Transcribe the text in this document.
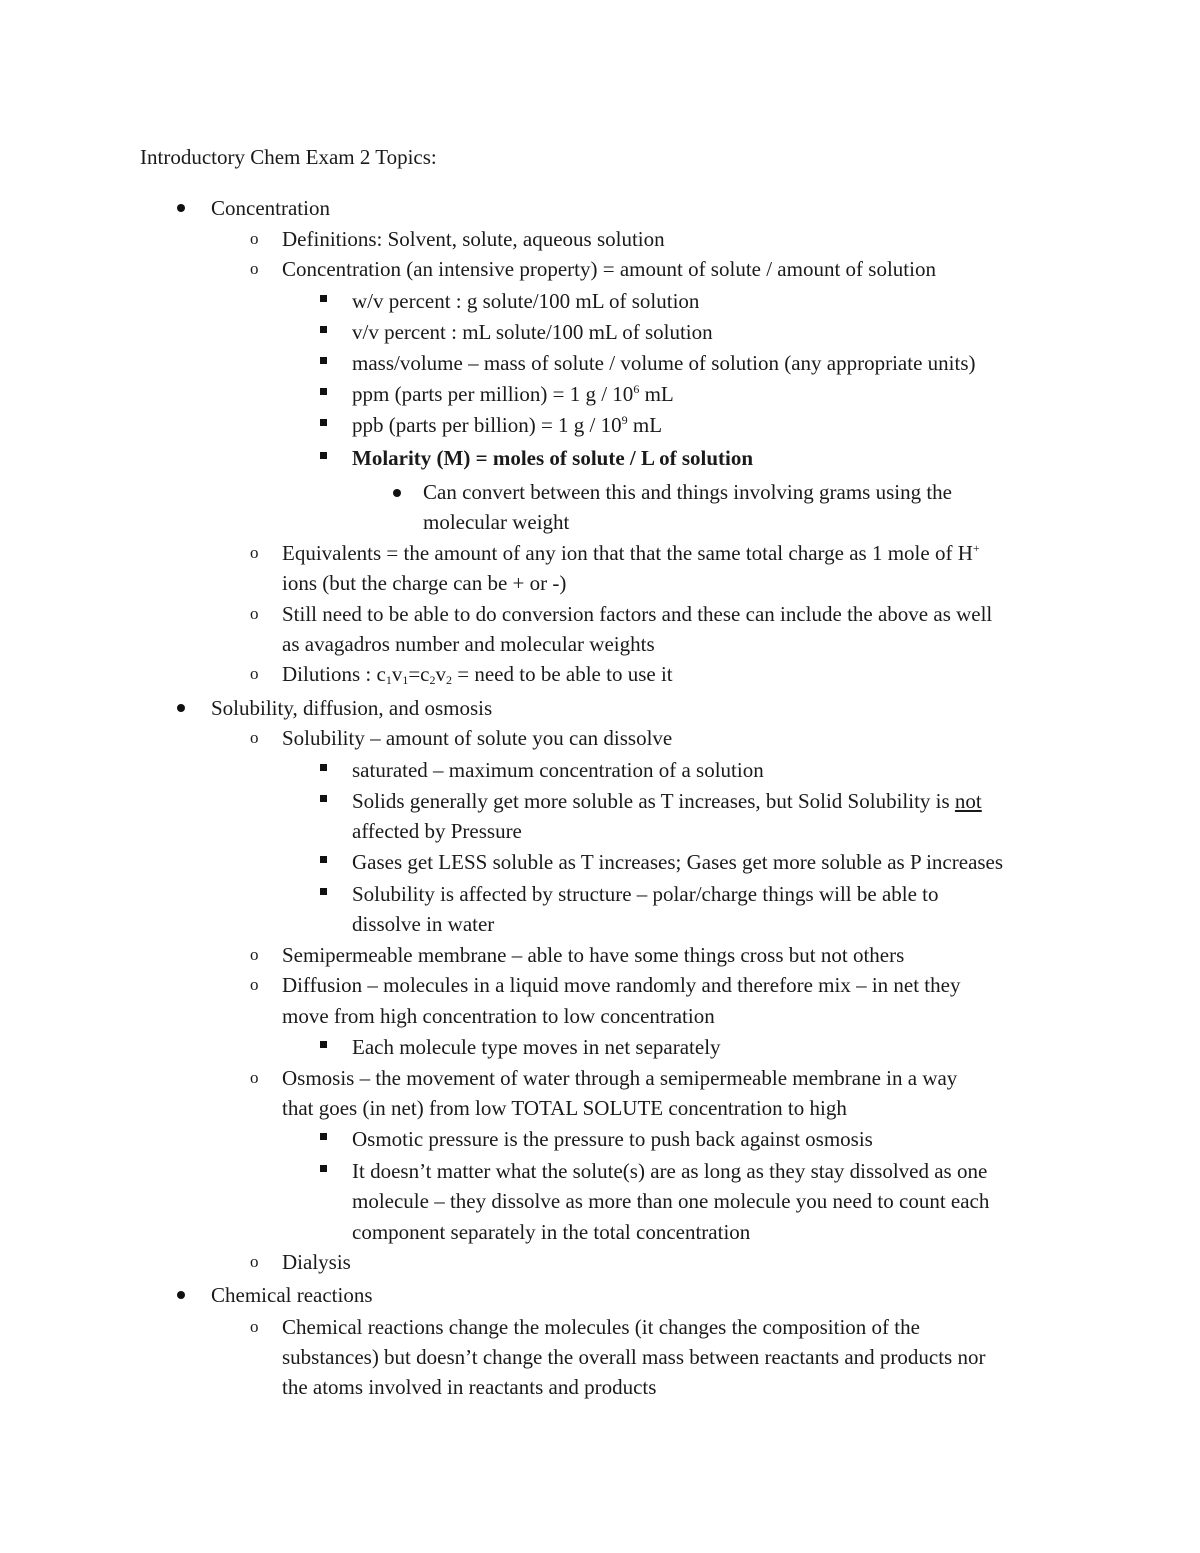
Introductory Chem Exam 2 Topics:
Concentration
o Definitions: Solvent, solute, aqueous solution
o Concentration (an intensive property) = amount of solute / amount of solution
w/v percent : g solute/100 mL of solution
v/v percent : mL solute/100 mL of solution
mass/volume – mass of solute / volume of solution (any appropriate units)
ppm (parts per million) = 1 g / $10^6$ mL
ppb (parts per billion) = 1 g / $10^9$ mL
Molarity (M) = moles of solute / L of solution
Can convert between this and things involving grams using the
molecular weight
o Equivalents = the amount of any ion that that the same total charge as 1 mole of H+
ions (but the charge can be + or -)
o Still need to be able to do conversion factors and these can include the above as well
as avagadros number and molecular weights
o Dilutions : $c_1v_1=c_2v_2$ = need to be able to use it
Solubility, diffusion, and osmosis
o Solubility – amount of solute you can dissolve
saturated – maximum concentration of a solution
Solids generally get more soluble as T increases, but Solid Solubility is not
affected by Pressure
Gases get LESS soluble as T increases; Gases get more soluble as P increases
Solubility is affected by structure – polar/charge things will be able to
dissolve in water
o Semipermeable membrane – able to have some things cross but not others
o Diffusion – molecules in a liquid move randomly and therefore mix – in net they
move from high concentration to low concentration
Each molecule type moves in net separately
o Osmosis – the movement of water through a semipermeable membrane in a way
that goes (in net) from low TOTAL SOLUTE concentration to high
Osmotic pressure is the pressure to push back against osmosis
It doesn’t matter what the solute(s) are as long as they stay dissolved as one
molecule – they dissolve as more than one molecule you need to count each
component separately in the total concentration
o Dialysis
Chemical reactions
o Chemical reactions change the molecules (it changes the composition of the
substances) but doesn’t change the overall mass between reactants and products nor
the atoms involved in reactants and products
